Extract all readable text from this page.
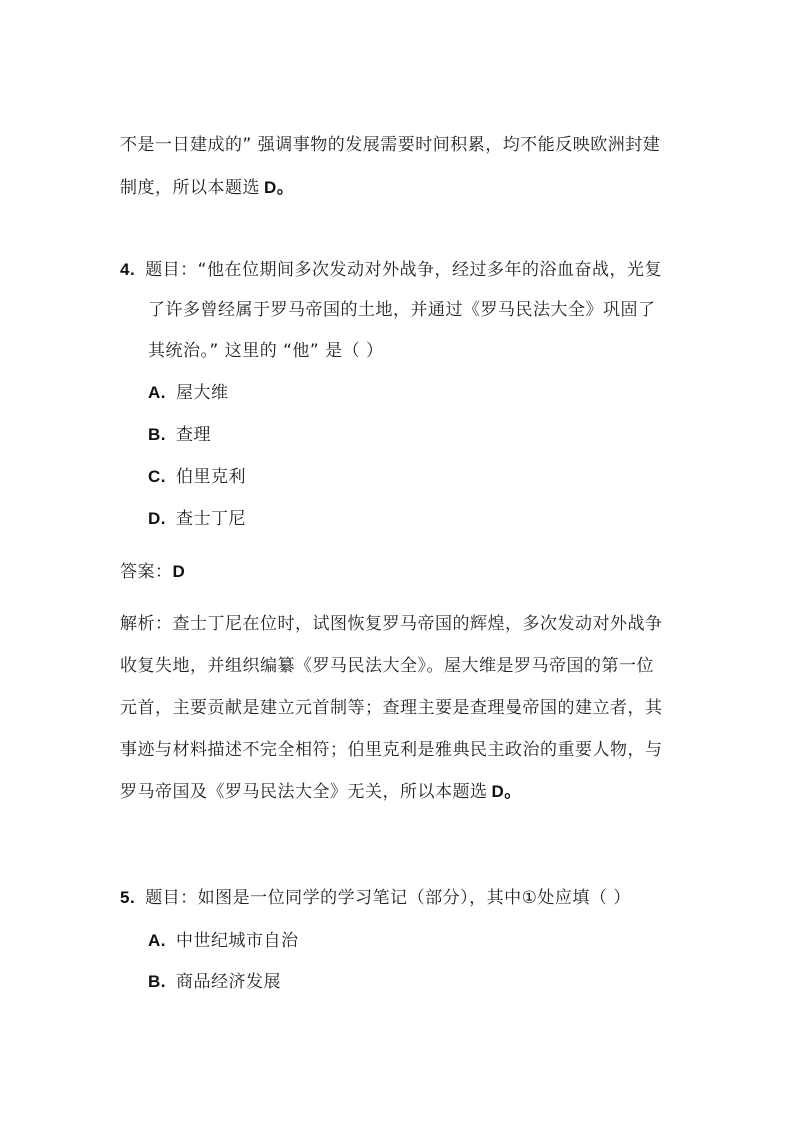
不是一日建成的” 强调事物的发展需要时间积累，均不能反映欧洲封建
制度，所以本题选 D。
4. 题目：“他在位期间多次发动对外战争，经过多年的浴血奋战，光复
了许多曾经属于罗马帝国的土地，并通过《罗马民法大全》巩固了
其统治。” 这里的 “他” 是（ ）
A. 屋大维
B. 查理
C. 伯里克利
D. 查士丁尼
答案：D
解析：查士丁尼在位时，试图恢复罗马帝国的辉煌，多次发动对外战争
收复失地，并组织编纂《罗马民法大全》。屋大维是罗马帝国的第一位
元首，主要贡献是建立元首制等；查理主要是查理曼帝国的建立者，其
事迹与材料描述不完全相符；伯里克利是雅典民主政治的重要人物，与
罗马帝国及《罗马民法大全》无关，所以本题选 D。
5. 题目：如图是一位同学的学习笔记（部分），其中①处应填（ ）
A. 中世纪城市自治
B. 商品经济发展
